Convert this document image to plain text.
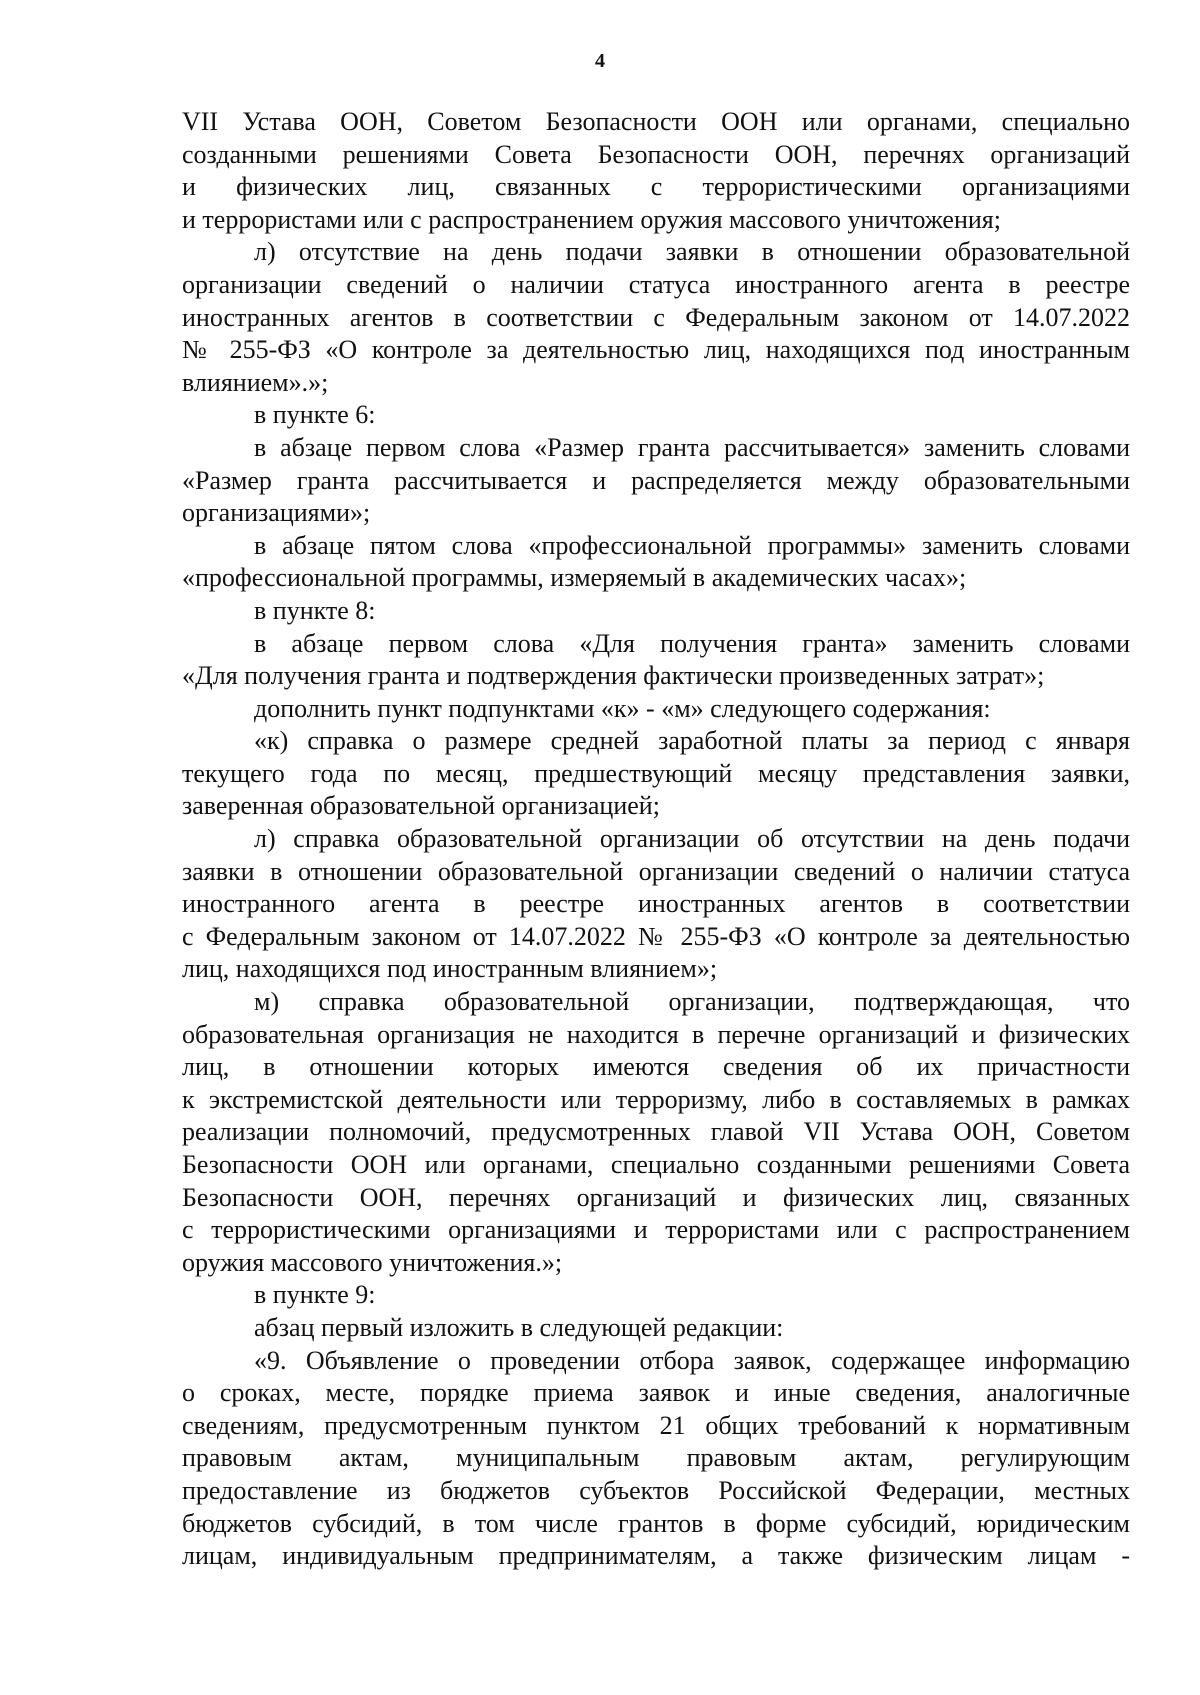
4
VII Устава ООН, Советом Безопасности ООН или органами, специально
созданными решениями Совета Безопасности ООН, перечнях организаций
и физических лиц, связанных с террористическими организациями
и террористами или с распространением оружия массового уничтожения;
л) отсутствие на день подачи заявки в отношении образовательной
организации сведений о наличии статуса иностранного агента в реестре
иностранных агентов в соответствии с Федеральным законом от 14.07.2022
№ 255-ФЗ «О контроле за деятельностью лиц, находящихся под иностранным
влиянием».»;
в пункте 6:
в абзаце первом слова «Размер гранта рассчитывается» заменить словами
«Размер гранта рассчитывается и распределяется между образовательными
организациями»;
в абзаце пятом слова «профессиональной программы» заменить словами
«профессиональной программы, измеряемый в академических часах»;
в пункте 8:
в абзаце первом слова «Для получения гранта» заменить словами
«Для получения гранта и подтверждения фактически произведенных затрат»;
дополнить пункт подпунктами «к» - «м» следующего содержания:
«к) справка о размере средней заработной платы за период с января
текущего года по месяц, предшествующий месяцу представления заявки,
заверенная образовательной организацией;
л) справка образовательной организации об отсутствии на день подачи
заявки в отношении образовательной организации сведений о наличии статуса
иностранного агента в реестре иностранных агентов в соответствии
с Федеральным законом от 14.07.2022 № 255-ФЗ «О контроле за деятельностью
лиц, находящихся под иностранным влиянием»;
м) справка образовательной организации, подтверждающая, что
образовательная организация не находится в перечне организаций и физических
лиц, в отношении которых имеются сведения об их причастности
к экстремистской деятельности или терроризму, либо в составляемых в рамках
реализации полномочий, предусмотренных главой VII Устава ООН, Советом
Безопасности ООН или органами, специально созданными решениями Совета
Безопасности ООН, перечнях организаций и физических лиц, связанных
с террористическими организациями и террористами или с распространением
оружия массового уничтожения.»;
в пункте 9:
абзац первый изложить в следующей редакции:
«9. Объявление о проведении отбора заявок, содержащее информацию
о сроках, месте, порядке приема заявок и иные сведения, аналогичные
сведениям, предусмотренным пунктом 21 общих требований к нормативным
правовым актам, муниципальным правовым актам, регулирующим
предоставление из бюджетов субъектов Российской Федерации, местных
бюджетов субсидий, в том числе грантов в форме субсидий, юридическим
лицам, индивидуальным предпринимателям, а также физическим лицам -
